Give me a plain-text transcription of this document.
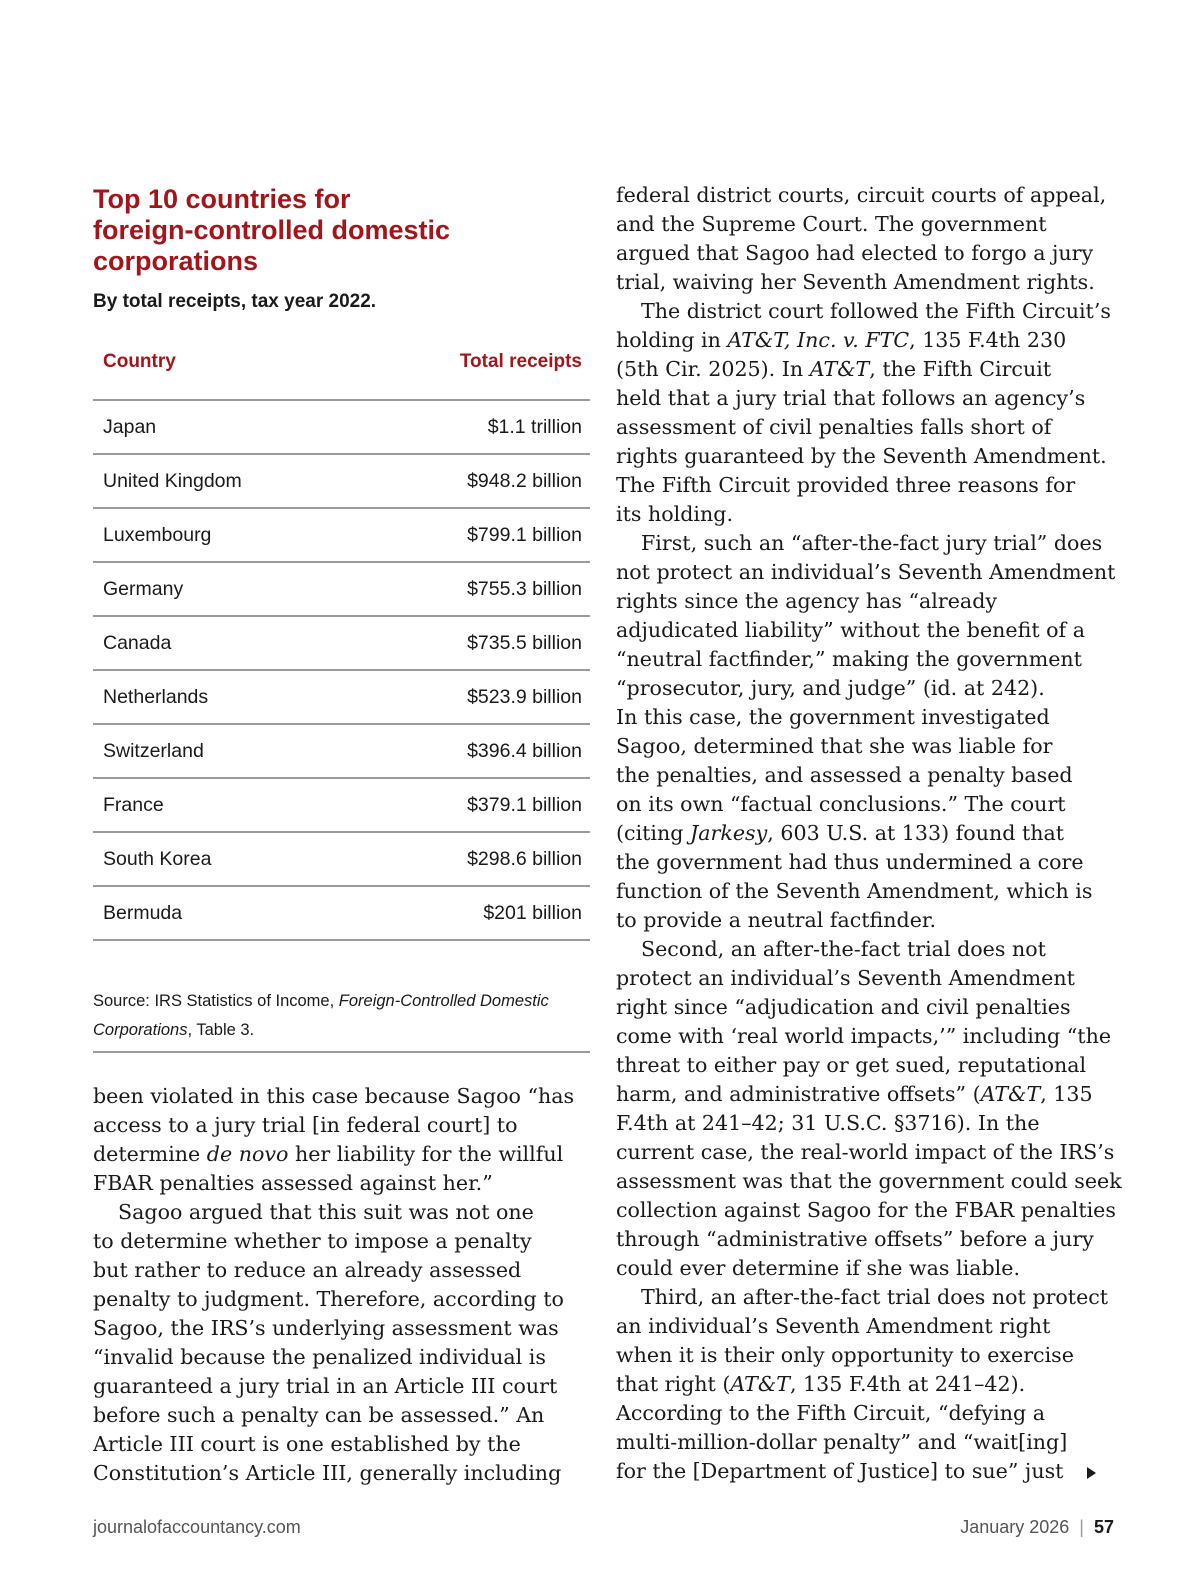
Top 10 countries for
foreign-controlled domestic
corporations
By total receipts, tax year 2022.
Country	Total receipts
Japan	$1.1 trillion
United Kingdom	$948.2 billion
Luxembourg	$799.1 billion
Germany	$755.3 billion
Canada	$735.5 billion
Netherlands	$523.9 billion
Switzerland	$396.4 billion
France	$379.1 billion
South Korea	$298.6 billion
Bermuda	$201 billion
Source: IRS Statistics of Income, Foreign-Controlled Domestic
Corporations, Table 3.
been violated in this case because Sagoo “has
access to a jury trial [in federal court] to
determine de novo her liability for the willful
FBAR penalties assessed against her.”
Sagoo argued that this suit was not one
to determine whether to impose a penalty
but rather to reduce an already assessed
penalty to judgment. Therefore, according to
Sagoo, the IRS’s underlying assessment was
“invalid because the penalized individual is
guaranteed a jury trial in an Article III court
before such a penalty can be assessed.” An
Article III court is one established by the
Constitution’s Article III, generally including
federal district courts, circuit courts of appeal,
and the Supreme Court. The government
argued that Sagoo had elected to forgo a jury
trial, waiving her Seventh Amendment rights.
The district court followed the Fifth Circuit’s
holding in AT&T, Inc. v. FTC, 135 F.4th 230
(5th Cir. 2025). In AT&T, the Fifth Circuit
held that a jury trial that follows an agency’s
assessment of civil penalties falls short of
rights guaranteed by the Seventh Amendment.
The Fifth Circuit provided three reasons for
its holding.
First, such an “after-the-fact jury trial” does
not protect an individual’s Seventh Amendment
rights since the agency has “already
adjudicated liability” without the benefit of a
“neutral factfinder,” making the government
“prosecutor, jury, and judge” (id. at 242).
In this case, the government investigated
Sagoo, determined that she was liable for
the penalties, and assessed a penalty based
on its own “factual conclusions.” The court
(citing Jarkesy, 603 U.S. at 133) found that
the government had thus undermined a core
function of the Seventh Amendment, which is
to provide a neutral factfinder.
Second, an after-the-fact trial does not
protect an individual’s Seventh Amendment
right since “adjudication and civil penalties
come with ‘real world impacts,’” including “the
threat to either pay or get sued, reputational
harm, and administrative offsets” (AT&T, 135
F.4th at 241–42; 31 U.S.C. §3716). In the
current case, the real-world impact of the IRS’s
assessment was that the government could seek
collection against Sagoo for the FBAR penalties
through “administrative offsets” before a jury
could ever determine if she was liable.
Third, an after-the-fact trial does not protect
an individual’s Seventh Amendment right
when it is their only opportunity to exercise
that right (AT&T, 135 F.4th at 241–42).
According to the Fifth Circuit, “defying a
multi-million-dollar penalty” and “wait[ing]
for the [Department of Justice] to sue” just
journalofaccountancy.com	January 2026 | 57
